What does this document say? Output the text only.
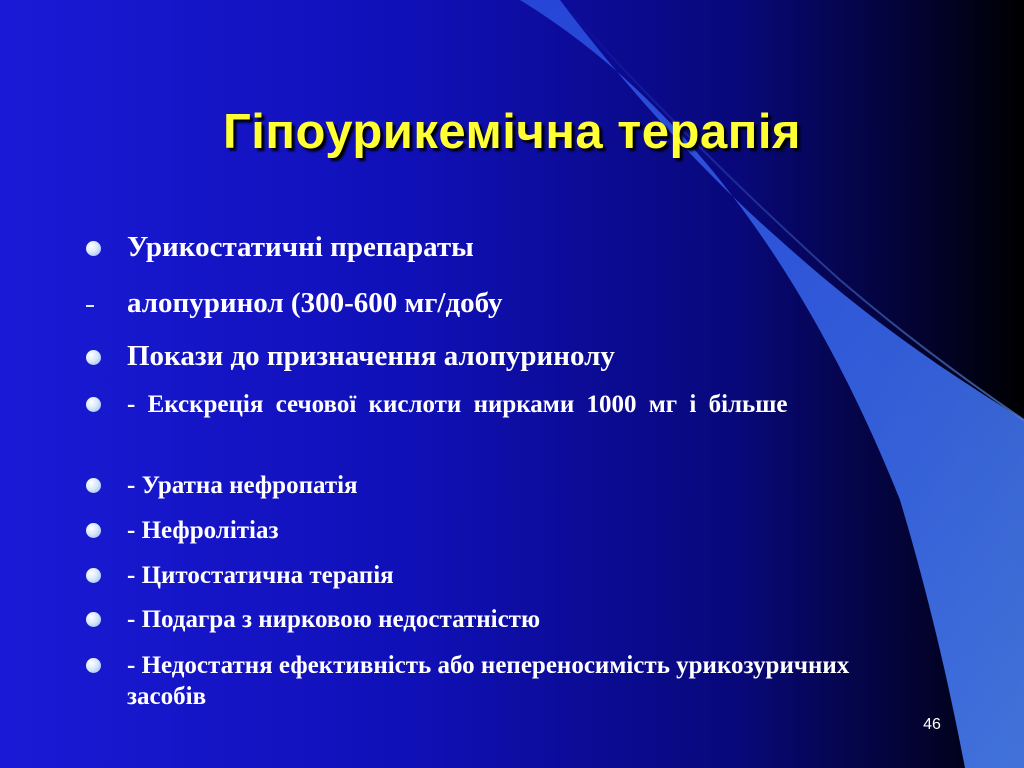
Гіпоурикемічна терапія
Урикостатичні препараты
алопуринол (300-600 мг/добу
Покази до призначення алопуринолу
- Екскреція сечової кислоти нирками 1000 мг і більше
- Уратна нефропатія
- Нефролітіаз
- Цитостатична терапія
- Подагра з нирковою недостатністю
- Недостатня ефективність або непереносимість урикозуричних засобів
46
